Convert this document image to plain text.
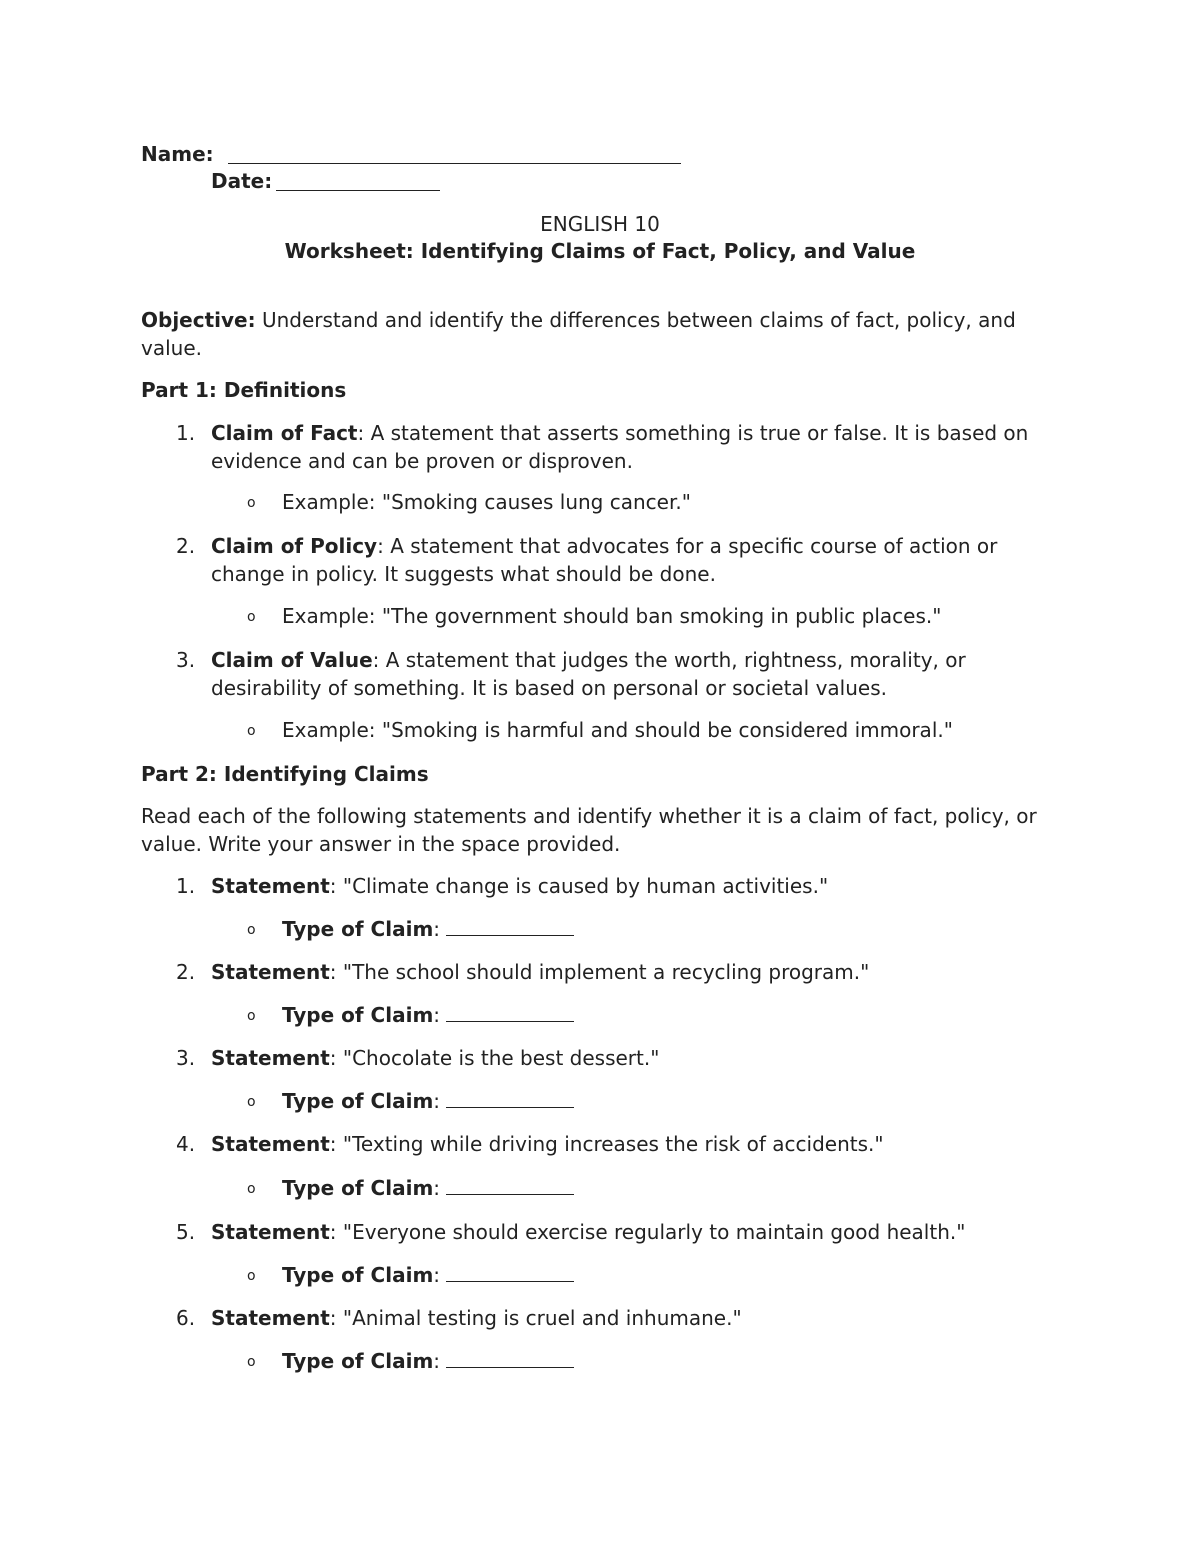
Name:
Date:
ENGLISH 10
Worksheet: Identifying Claims of Fact, Policy, and Value
Objective: Understand and identify the differences between claims of fact, policy, and value.
Part 1: Definitions
1. Claim of Fact: A statement that asserts something is true or false. It is based on evidence and can be proven or disproven.
o Example: "Smoking causes lung cancer."
2. Claim of Policy: A statement that advocates for a specific course of action or change in policy. It suggests what should be done.
o Example: "The government should ban smoking in public places."
3. Claim of Value: A statement that judges the worth, rightness, morality, or desirability of something. It is based on personal or societal values.
o Example: "Smoking is harmful and should be considered immoral."
Part 2: Identifying Claims
Read each of the following statements and identify whether it is a claim of fact, policy, or value. Write your answer in the space provided.
1. Statement: "Climate change is caused by human activities."
o Type of Claim:
2. Statement: "The school should implement a recycling program."
o Type of Claim:
3. Statement: "Chocolate is the best dessert."
o Type of Claim:
4. Statement: "Texting while driving increases the risk of accidents."
o Type of Claim:
5. Statement: "Everyone should exercise regularly to maintain good health."
o Type of Claim:
6. Statement: "Animal testing is cruel and inhumane."
o Type of Claim:
